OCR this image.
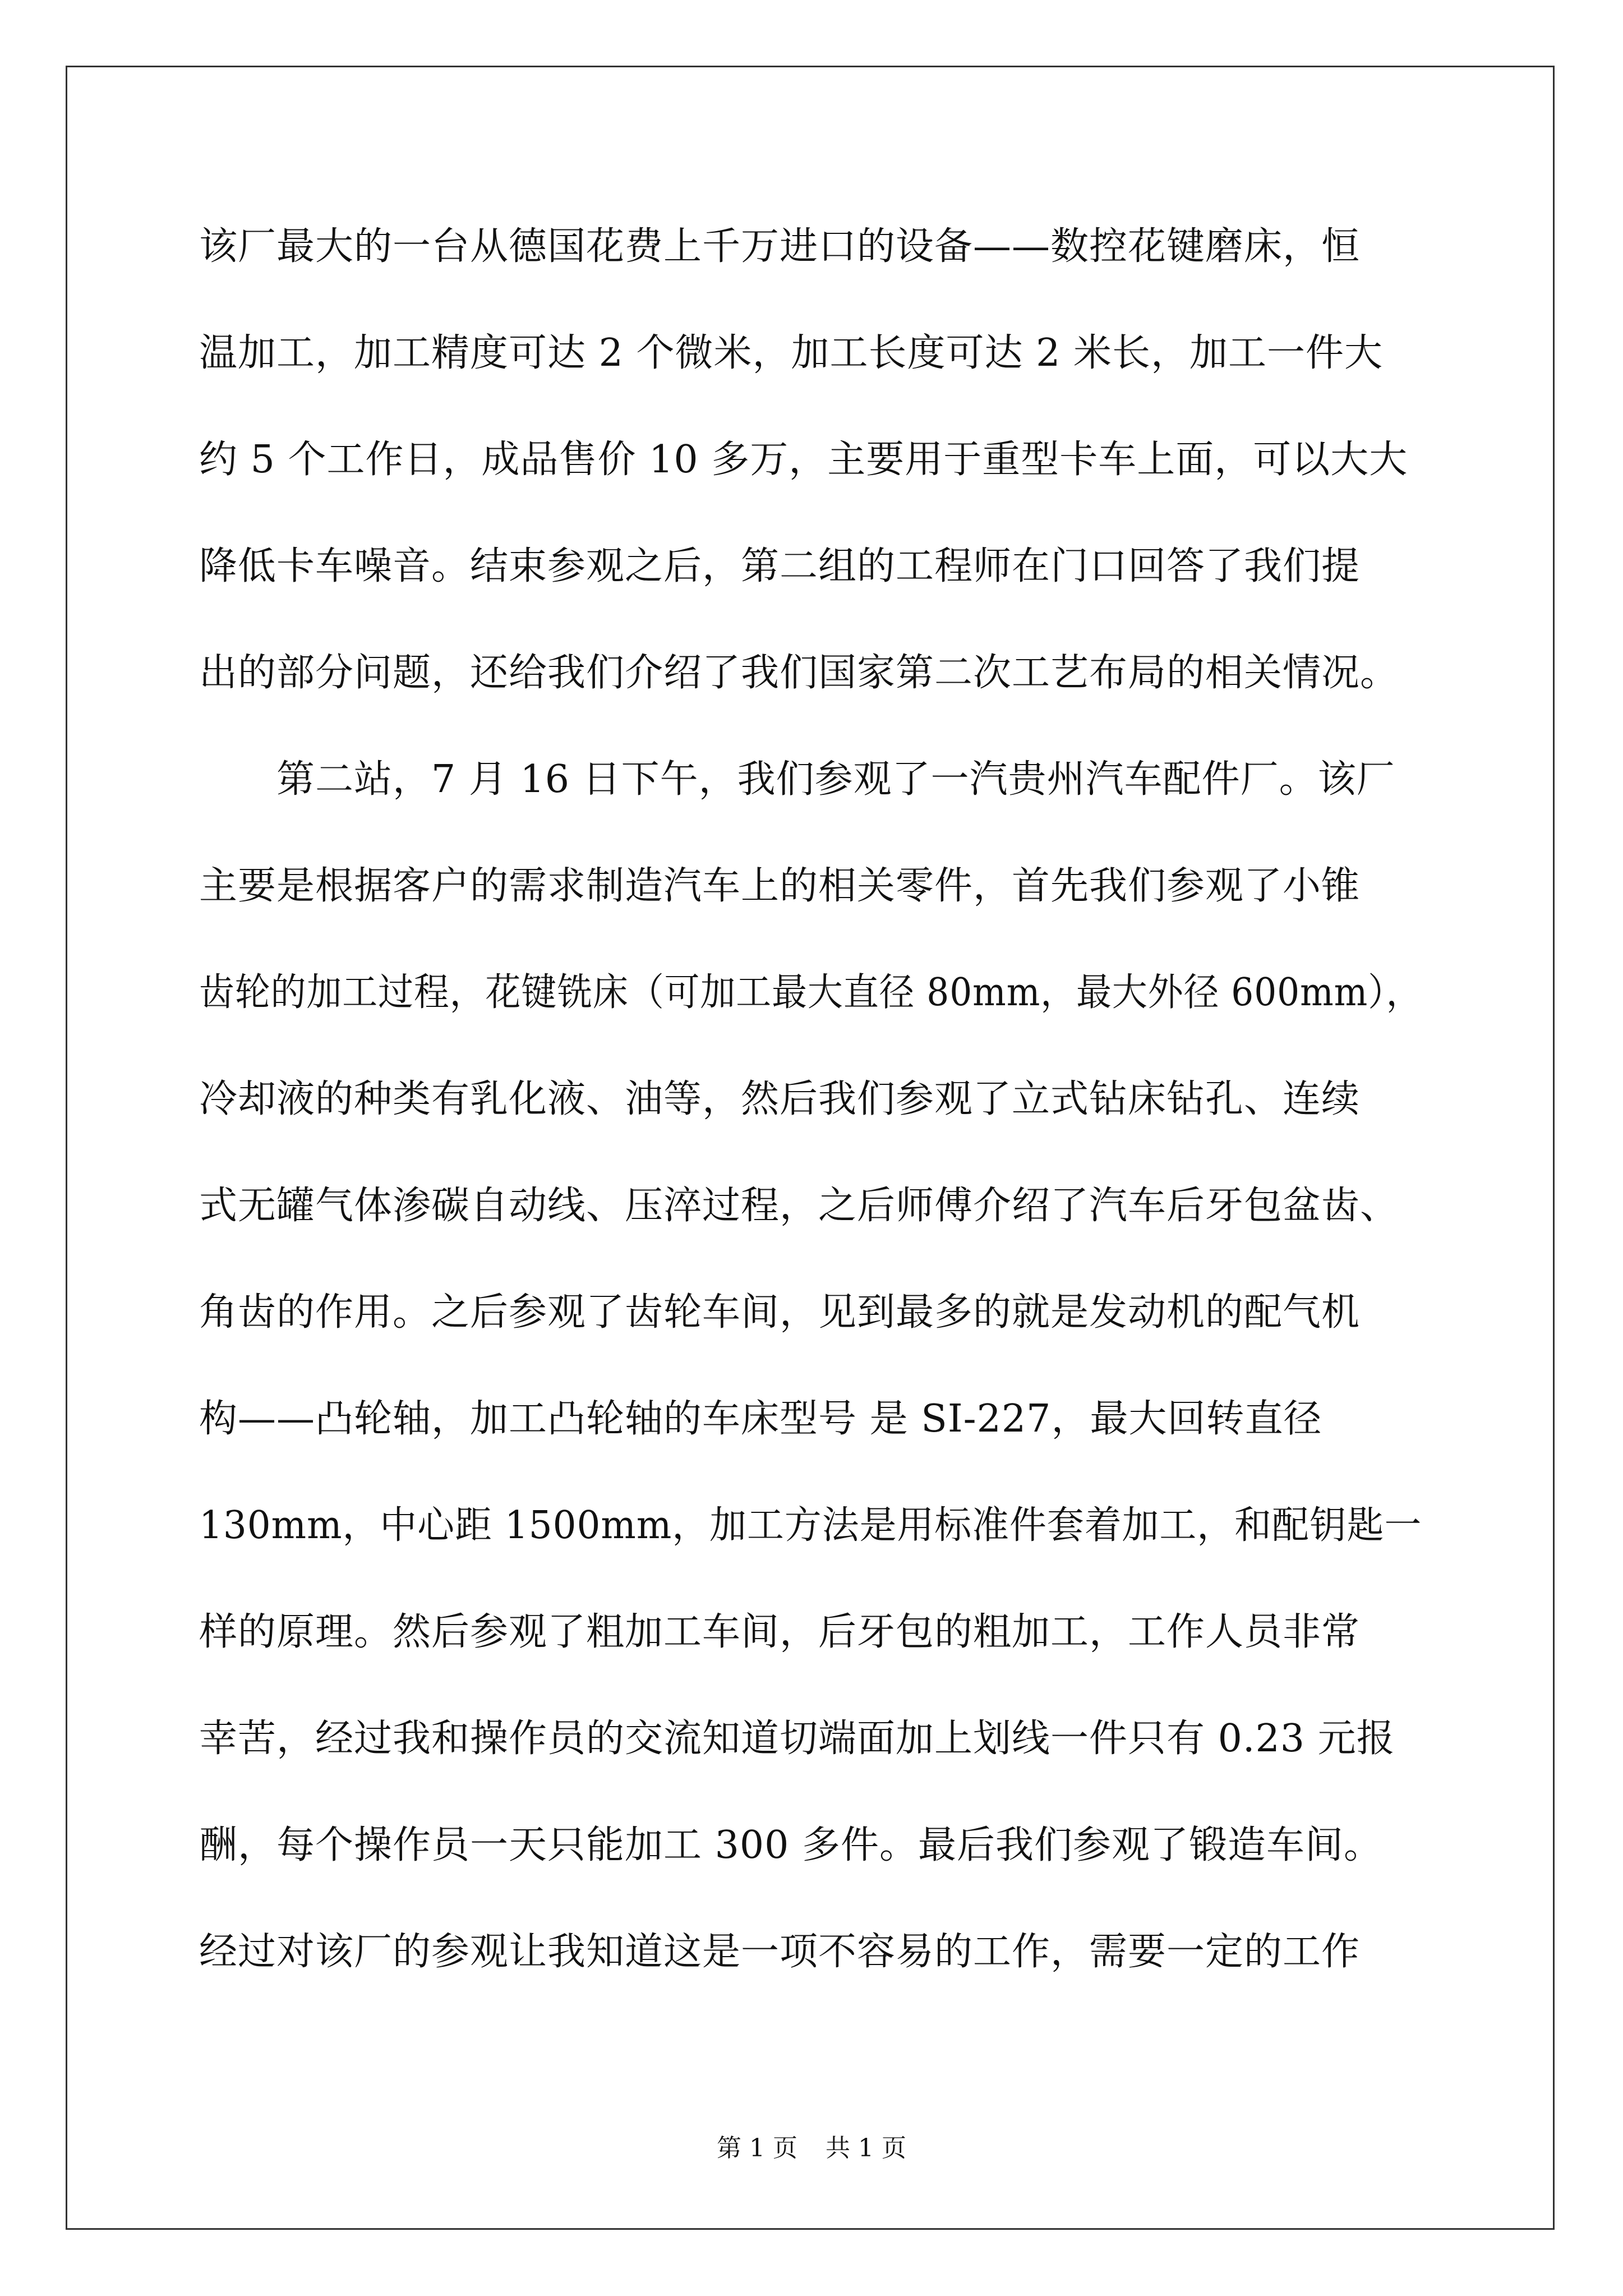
该厂最大的一台从德国花费上千万进口的设备——数控花键磨床，恒
温加工，加工精度可达 2 个微米，加工长度可达 2 米长，加工一件大
约 5 个工作日，成品售价 10 多万，主要用于重型卡车上面，可以大大
降低卡车噪音。结束参观之后，第二组的工程师在门口回答了我们提
出的部分问题，还给我们介绍了我们国家第二次工艺布局的相关情况。
　　第二站，7 月 16 日下午，我们参观了一汽贵州汽车配件厂。该厂
主要是根据客户的需求制造汽车上的相关零件，首先我们参观了小锥
齿轮的加工过程，花键铣床（可加工最大直径 80mm，最大外径 600mm），
冷却液的种类有乳化液、油等，然后我们参观了立式钻床钻孔、连续
式无罐气体渗碳自动线、压淬过程，之后师傅介绍了汽车后牙包盆齿、
角齿的作用。之后参观了齿轮车间，见到最多的就是发动机的配气机
构——凸轮轴，加工凸轮轴的车床型号 是 SI-227，最大回转直径
130mm，中心距 1500mm，加工方法是用标准件套着加工，和配钥匙一
样的原理。然后参观了粗加工车间，后牙包的粗加工，工作人员非常
幸苦，经过我和操作员的交流知道切端面加上划线一件只有 0.23 元报
酬，每个操作员一天只能加工 300 多件。最后我们参观了锻造车间。
经过对该厂的参观让我知道这是一项不容易的工作，需要一定的工作
第 1 页 共 1 页
